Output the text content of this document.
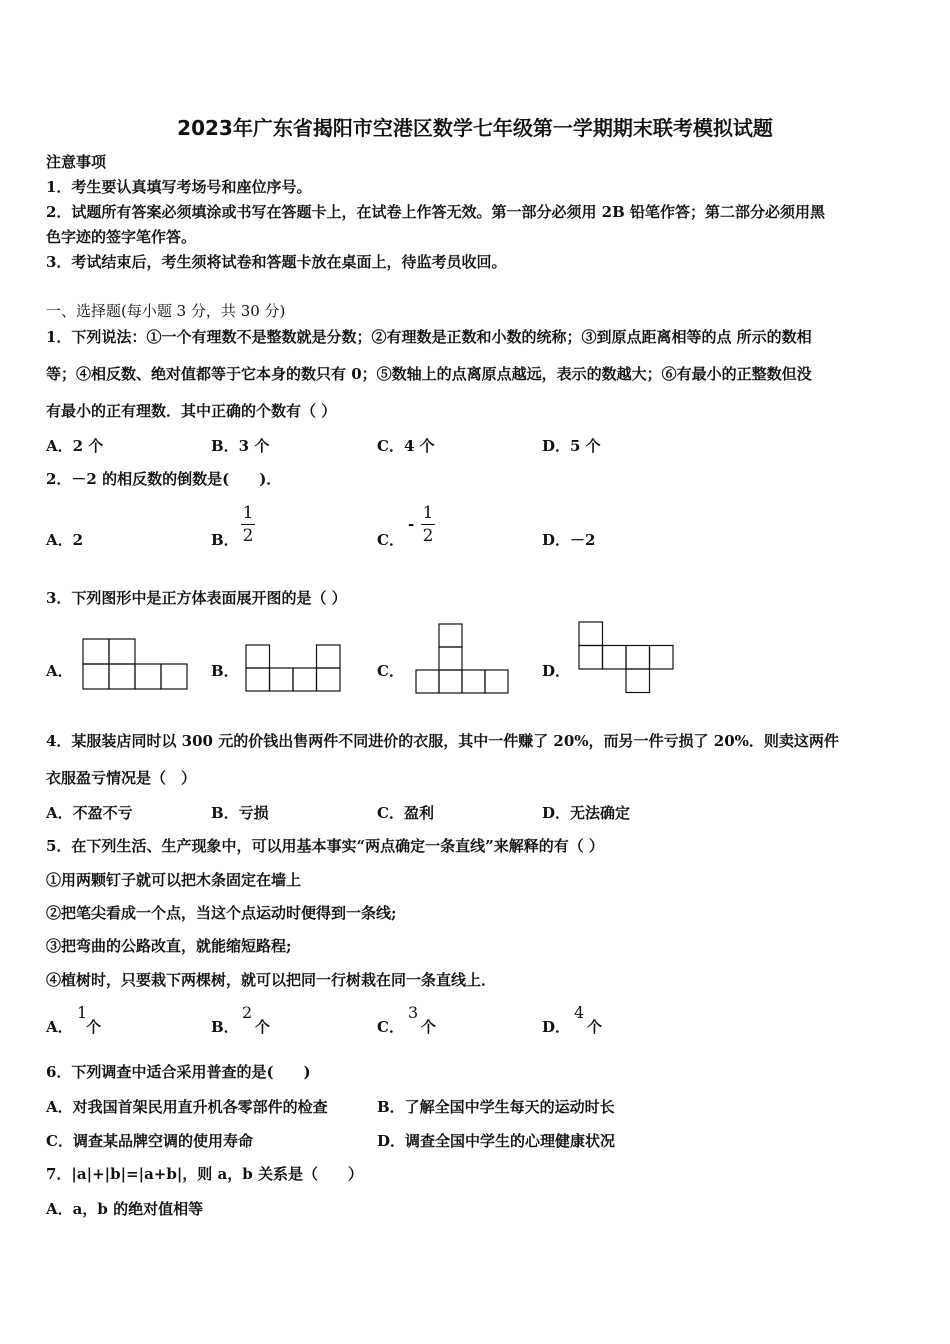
2023年广东省揭阳市空港区数学七年级第一学期期末联考模拟试题
注意事项
1．考生要认真填写考场号和座位序号。
2．试题所有答案必须填涂或书写在答题卡上，在试卷上作答无效。第一部分必须用 2B 铅笔作答；第二部分必须用黑
色字迹的签字笔作答。
3．考试结束后，考生须将试卷和答题卡放在桌面上，待监考员收回。
一、选择题(每小题 3 分，共 30 分)
1．下列说法：①一个有理数不是整数就是分数；②有理数是正数和小数的统称；③到原点距离相等的点 所示的数相
等；④相反数、绝对值都等于它本身的数只有 0；⑤数轴上的点离原点越远，表示的数越大；⑥有最小的正整数但没
有最小的正有理数．其中正确的个数有（ ）
A．2 个	B．3 个	C．4 个	D．5 个
2．－2 的相反数的倒数是(　　)．
A．2	B．
1
2	C．
-
1
2	D．－2
3．下列图形中是正方体表面展开图的是（ ）
A．	B．	C．	D．
4．某服装店同时以 300 元的价钱出售两件不同进价的衣服，其中一件赚了 20%，而另一件亏损了 20%．则卖这两件
衣服盈亏情况是（　）
A．不盈不亏	B．亏损	C．盈利	D．无法确定
5．在下列生活、生产现象中，可以用基本事实“两点确定一条直线”来解释的有（ ）
①用两颗钉子就可以把木条固定在墙上
②把笔尖看成一个点，当这个点运动时便得到一条线;
③把弯曲的公路改直，就能缩短路程;
④植树时，只要栽下两棵树，就可以把同一行树栽在同一条直线上．
A．
1
个	B．
2
个	C．
3
个	D．
4
个
6．下列调查中适合采用普查的是(　　)
A．对我国首架民用直升机各零部件的检查	B．了解全国中学生每天的运动时长
C．调查某品牌空调的使用寿命	D．调查全国中学生的心理健康状况
7．|a|+|b|=|a+b|，则 a，b 关系是（　　）
A．a，b 的绝对值相等
